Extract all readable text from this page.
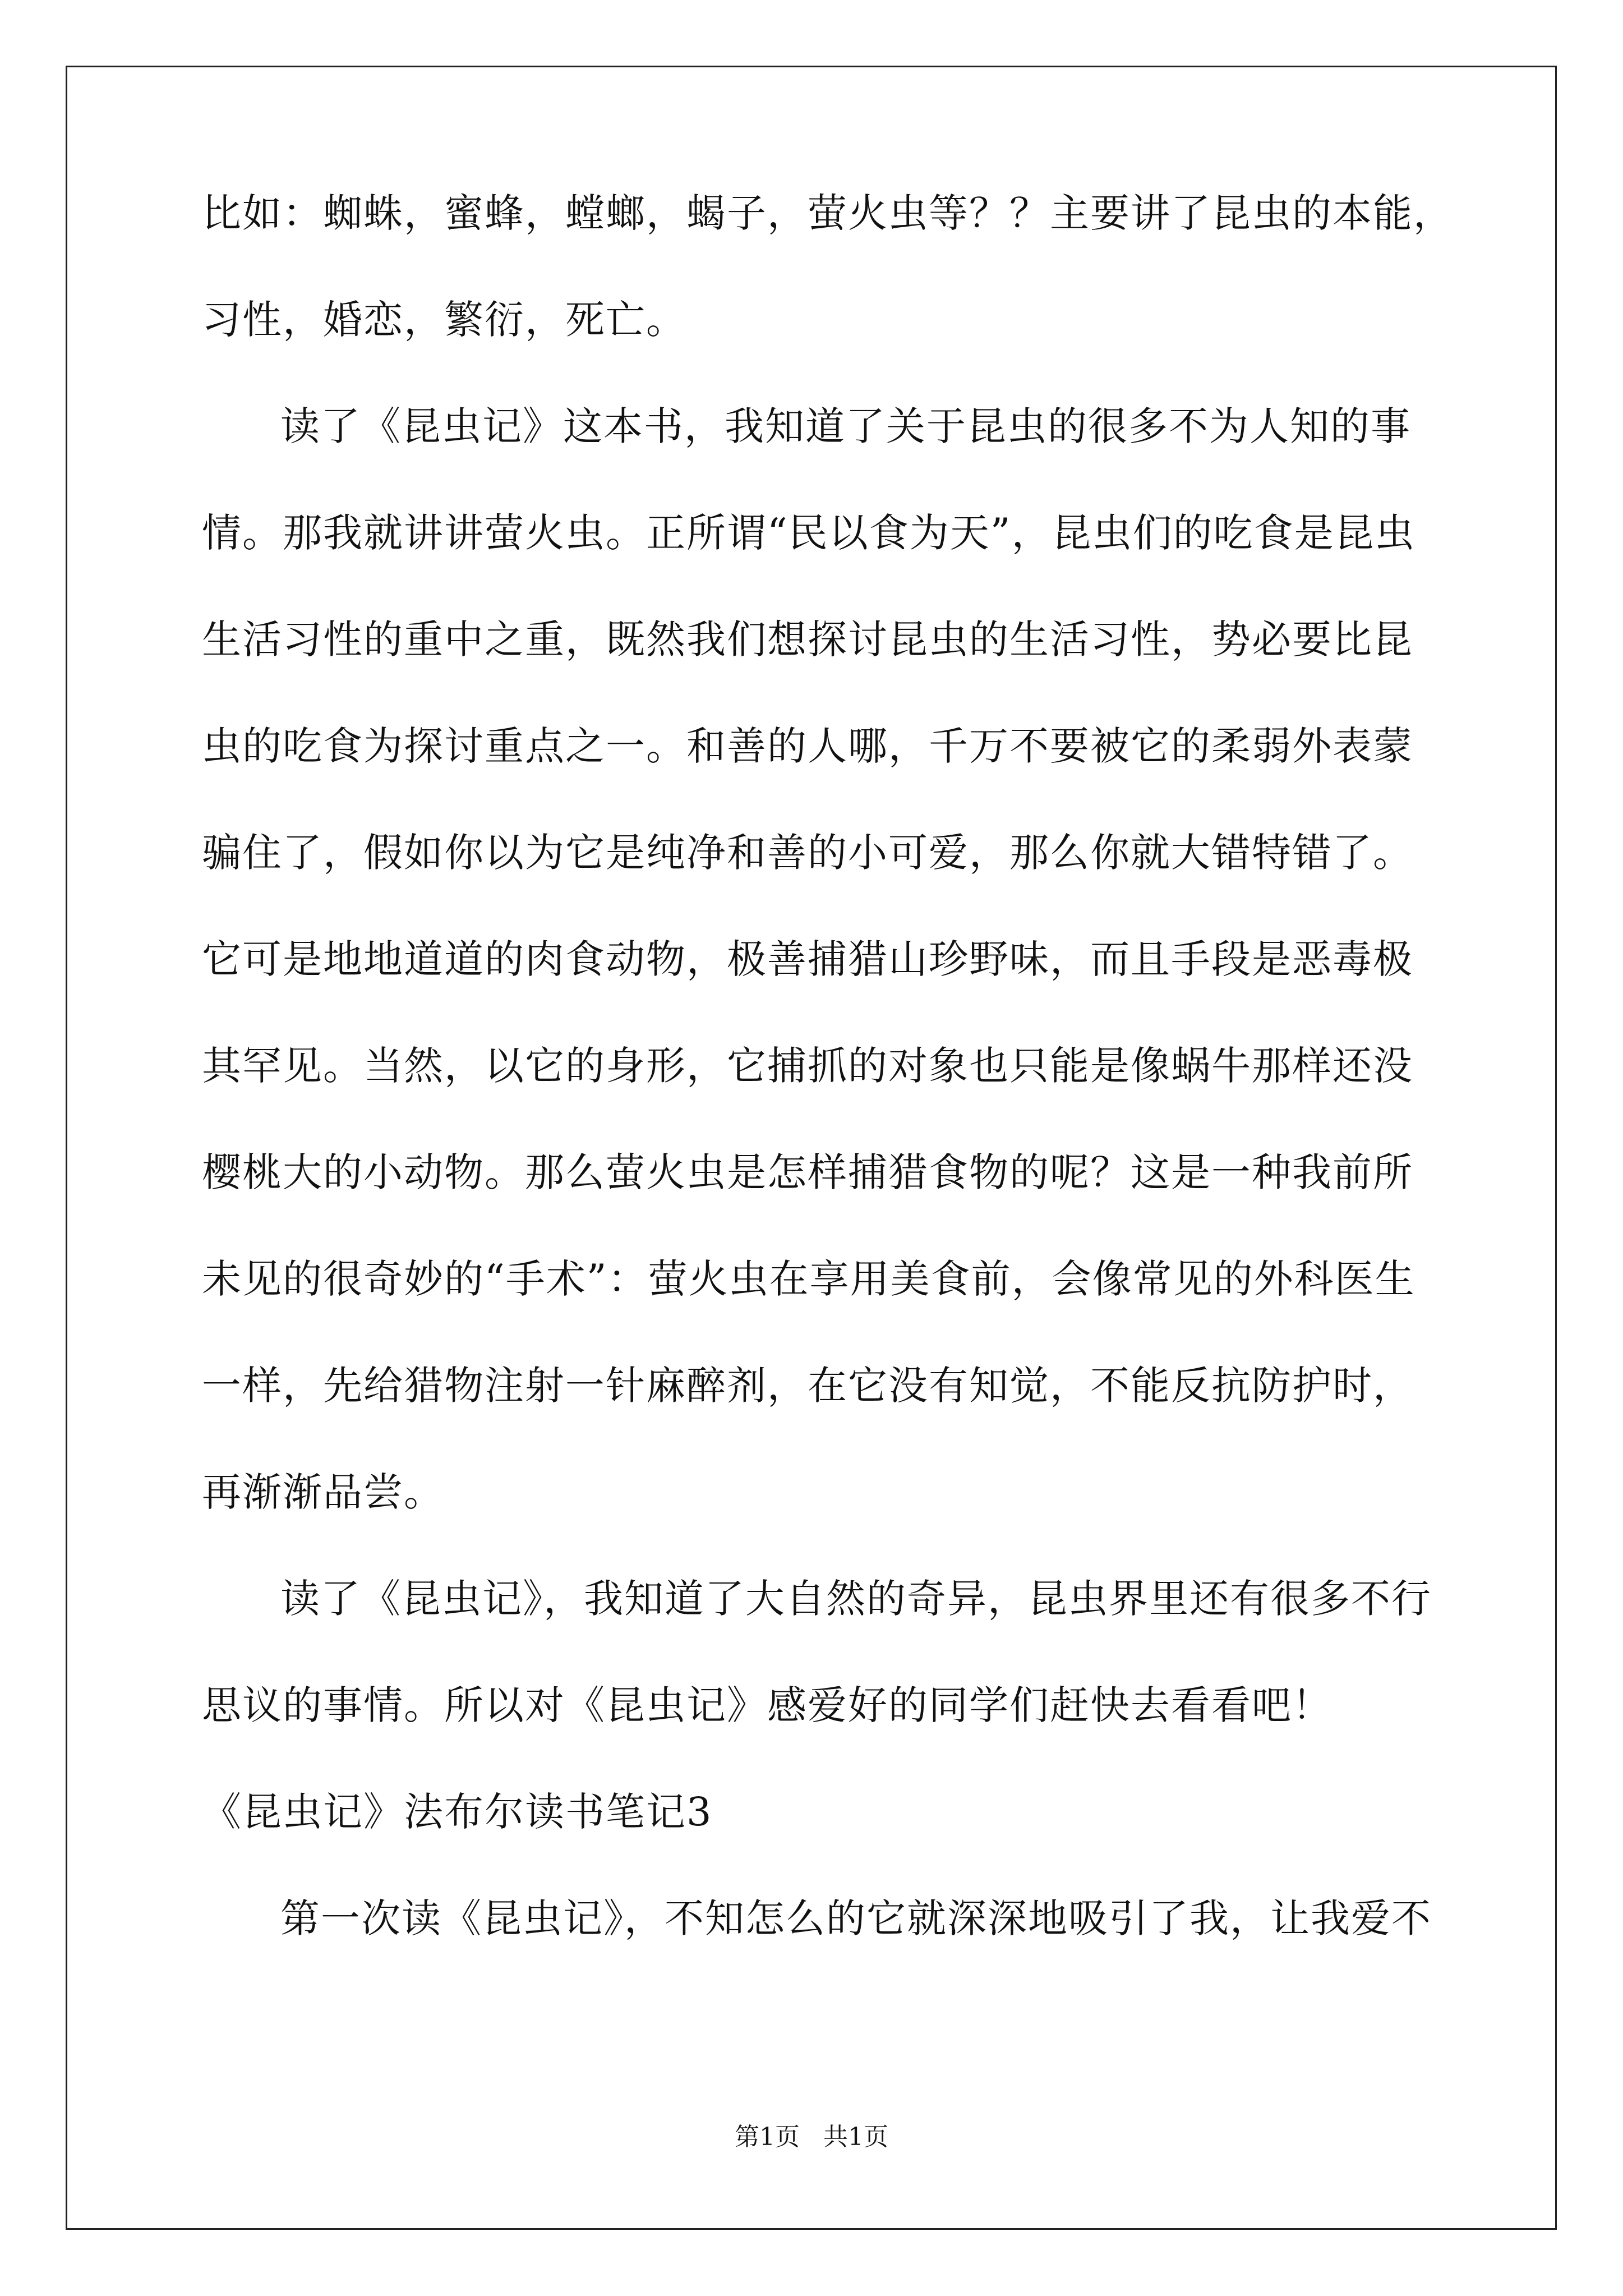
比如：蜘蛛，蜜蜂，螳螂，蝎子，萤火虫等？？主要讲了昆虫的本能，
习性，婚恋，繁衍，死亡。
读了《昆虫记》这本书，我知道了关于昆虫的很多不为人知的事
情。那我就讲讲萤火虫。正所谓“民以食为天”，昆虫们的吃食是昆虫
生活习性的重中之重，既然我们想探讨昆虫的生活习性，势必要比昆
虫的吃食为探讨重点之一。和善的人哪，千万不要被它的柔弱外表蒙
骗住了，假如你以为它是纯净和善的小可爱，那么你就大错特错了。
它可是地地道道的肉食动物，极善捕猎山珍野味，而且手段是恶毒极
其罕见。当然，以它的身形，它捕抓的对象也只能是像蜗牛那样还没
樱桃大的小动物。那么萤火虫是怎样捕猎食物的呢？这是一种我前所
未见的很奇妙的“手术”：萤火虫在享用美食前，会像常见的外科医生
一样，先给猎物注射一针麻醉剂，在它没有知觉，不能反抗防护时，
再渐渐品尝。
读了《昆虫记》，我知道了大自然的奇异，昆虫界里还有很多不行
思议的事情。所以对《昆虫记》感爱好的同学们赶快去看看吧！
《昆虫记》法布尔读书笔记3
第一次读《昆虫记》，不知怎么的它就深深地吸引了我，让我爱不
第1页   共1页
